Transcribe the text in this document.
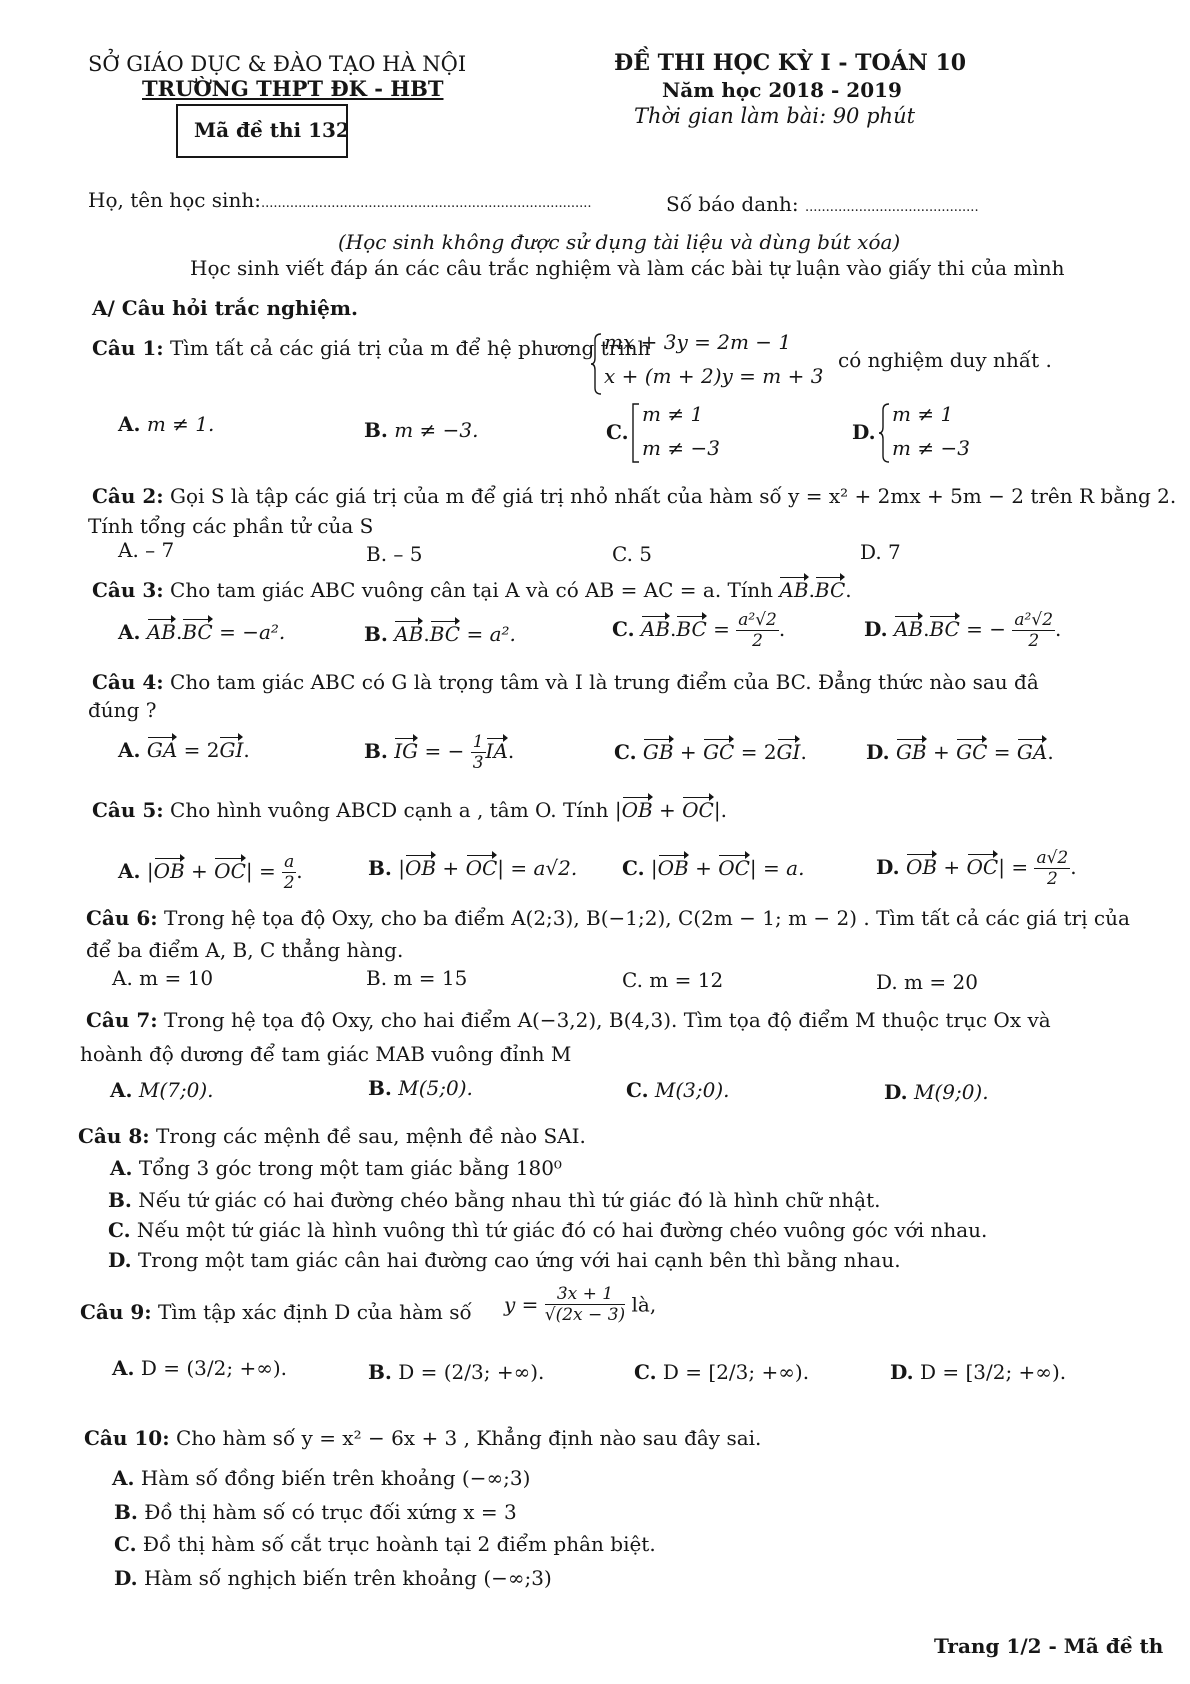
SỞ GIÁO DỤC & ĐÀO TẠO HÀ NỘI
TRƯỜNG THPT ĐK - HBT
Mã đề thi 132
ĐỀ THI HỌC KỲ I - TOÁN 10
Năm học 2018 - 2019
Thời gian làm bài: 90 phút
Họ, tên học sinh:................................................................................	Số báo danh: ..........................................
(Học sinh không được sử dụng tài liệu và dùng bút xóa)
Học sinh viết đáp án các câu trắc nghiệm và làm các bài tự luận vào giấy thi của mình
A/ Câu hỏi trắc nghiệm.
Câu 1: Tìm tất cả các giá trị của m để hệ phương trình
mx + 3y = 2m − 1
x + (m + 2)y = m + 3
có nghiệm duy nhất .
A. m ≠ 1.	B. m ≠ −3.	C.
m ≠ 1
m ≠ −3
D.
m ≠ 1
m ≠ −3
Câu 2: Gọi S là tập các giá trị của m để giá trị nhỏ nhất của hàm số y = x² + 2mx + 5m − 2 trên R bằng 2.
Tính tổng các phần tử của S
A. – 7	B. – 5	C. 5	D. 7
Câu 3: Cho tam giác ABC vuông cân tại A và có AB = AC = a. Tính AB.BC.
A. AB.BC = −a².	B. AB.BC = a².	C. $AB.BC = \frac{\text{a²√2}}{2}$ .	D. AB.BC = − $\frac{\text{a²√2}}{2}$ .
Câu 4: Cho tam giác ABC có G là trọng tâm và I là trung điểm của BC. Đẳng thức nào sau đâ
đúng ?
A. GA = 2GI.	B. IG = − $\frac{1}{3}$ IA.	C. GB + GC = 2GI.	D. GB + GC = GA.
Câu 5: Cho hình vuông ABCD cạnh a , tâm O. Tính |OB + OC|.
A. $|OB + OC| = \frac{a}{2}$ .	B. |OB + OC| = a√2. C. |OB + OC| = a.	D. OB + $OC| = \frac{a√2}{2}$ .
Câu 6: Trong hệ tọa độ Oxy, cho ba điểm A(2;3), B(−1;2), C(2m − 1; m − 2) . Tìm tất cả các giá trị của
để ba điểm A, B, C thẳng hàng.
A. m = 10	B. m = 15	C. m = 12	D. m = 20
Câu 7: Trong hệ tọa độ Oxy, cho hai điểm A(−3,2), B(4,3). Tìm tọa độ điểm M thuộc trục Ox và
hoành độ dương để tam giác MAB vuông đỉnh M
A. M(7;0).	B. M(5;0).	C. M(3;0).	D. M(9;0).
Câu 8: Trong các mệnh đề sau, mệnh đề nào SAI.
A. Tổng 3 góc trong một tam giác bằng 180⁰
B. Nếu tứ giác có hai đường chéo bằng nhau thì tứ giác đó là hình chữ nhật.
C. Nếu một tứ giác là hình vuông thì tứ giác đó có hai đường chéo vuông góc với nhau.
D. Trong một tam giác cân hai đường cao ứng với hai cạnh bên thì bằng nhau.
Câu 9: Tìm tập xác định D của hàm số $y = \frac{3x + 1}{√(2x - 3)}$ là,
A. D = (3/2; +∞).	B. D = (2/3; +∞).	C. D = [2/3; +∞).	D. D = [3/2; +∞).
Câu 10: Cho hàm số y = x² − 6x + 3 , Khẳng định nào sau đây sai.
A. Hàm số đồng biến trên khoảng (−∞;3)
B. Đồ thị hàm số có trục đối xứng x = 3
C. Đồ thị hàm số cắt trục hoành tại 2 điểm phân biệt.
D. Hàm số nghịch biến trên khoảng (−∞;3)
Trang 1/2 - Mã đề th
